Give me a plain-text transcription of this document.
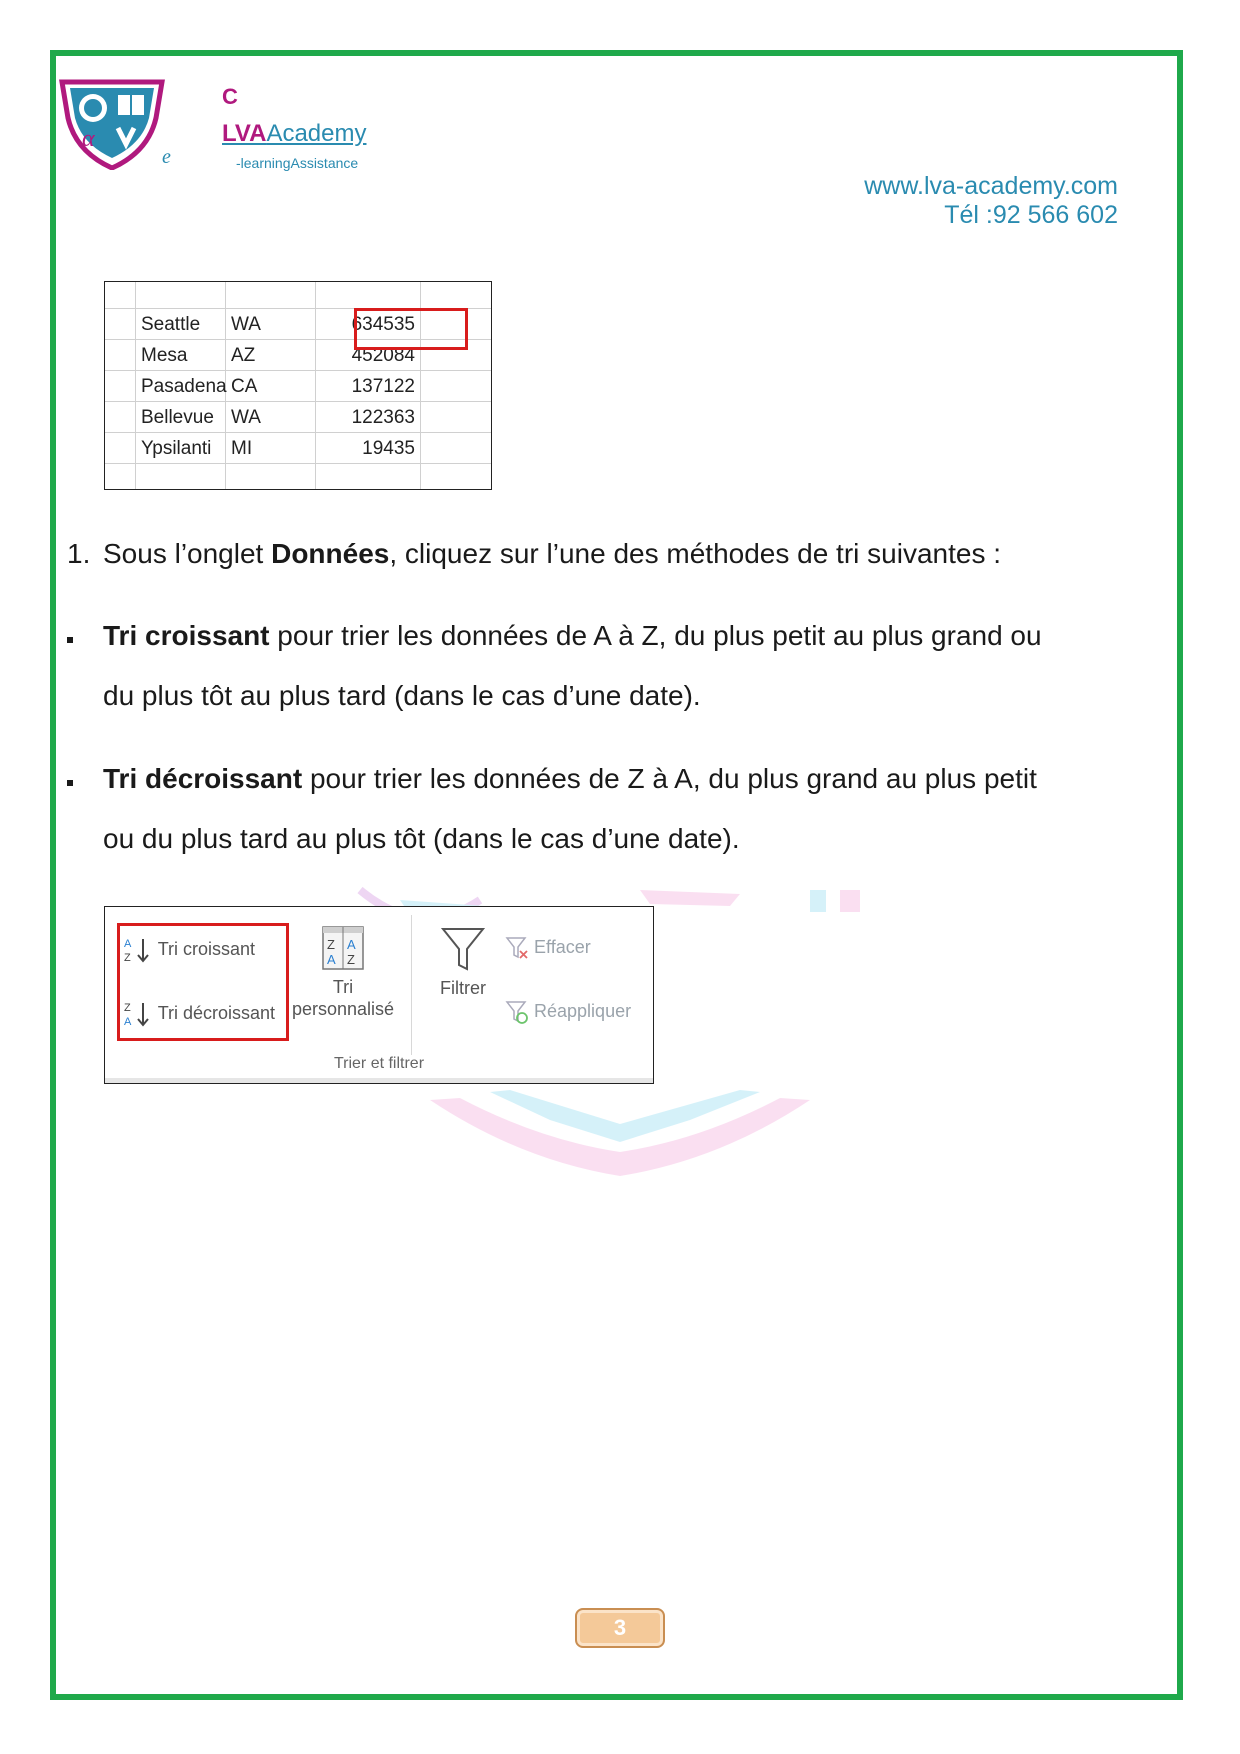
α
C
LVAAcademy
-learningAssistance
e
www.lva-academy.com
Tél :92 566 602
Seattle WA	634535
Mesa AZ	452084
Pasadena CA	137122
Bellevue WA	122363
Ypsilanti MI	19435
1. Sous l’onglet Données, cliquez sur l’une des méthodes de tri suivantes :
Tri croissant pour trier les données de A à Z, du plus petit au plus grand ou
du plus tôt au plus tard (dans le cas d’une date).
Tri décroissant pour trier les données de Z à A, du plus grand au plus petit
ou du plus tard au plus tôt (dans le cas d’une date).
A
Z Tri croissant
Z
A Tri décroissant
Z
A
A
Z
Tri
personnalisé
Filtrer
Effacer
Réappliquer
Trier et filtrer
3
